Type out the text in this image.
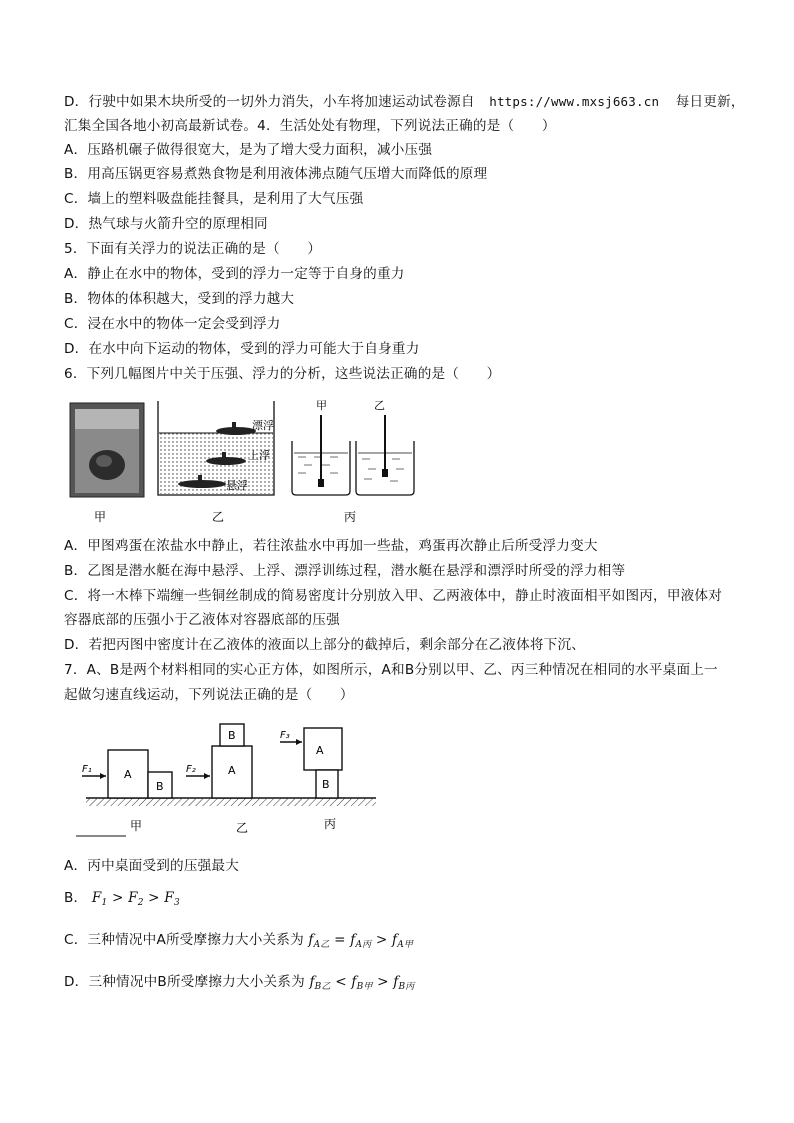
D．行驶中如果木块所受的一切外力消失，小车将加速运动试卷源自 https://www.mxsj663.cn 每日更新，
汇集全国各地小初高最新试卷。4．生活处处有物理，下列说法正确的是（　　）
A．压路机碾子做得很宽大，是为了增大受力面积，减小压强
B．用高压锅更容易煮熟食物是利用液体沸点随气压增大而降低的原理
C．墙上的塑料吸盘能挂餐具，是利用了大气压强
D．热气球与火箭升空的原理相同
5．下面有关浮力的说法正确的是（　　）
A．静止在水中的物体，受到的浮力一定等于自身的重力
B．物体的体积越大，受到的浮力越大
C．浸在水中的物体一定会受到浮力
D．在水中向下运动的物体，受到的浮力可能大于自身重力
6．下列几幅图片中关于压强、浮力的分析，这些说法正确的是（　　）
漂浮
上浮
悬浮
甲	乙
甲	乙	丙
A．甲图鸡蛋在浓盐水中静止，若往浓盐水中再加一些盐，鸡蛋再次静止后所受浮力变大
B．乙图是潜水艇在海中悬浮、上浮、漂浮训练过程，潜水艇在悬浮和漂浮时所受的浮力相等
C．将一木棒下端缠一些铜丝制成的简易密度计分别放入甲、乙两液体中，静止时液面相平如图丙，甲液体对
容器底部的压强小于乙液体对容器底部的压强
D．若把丙图中密度计在乙液体的液面以上部分的截掉后，剩余部分在乙液体将下沉、
7．A、B是两个材料相同的实心正方体，如图所示，A和B分别以甲、乙、丙三种情况在相同的水平桌面上一
起做匀速直线运动，下列说法正确的是（　　）
F₁	A
B
F₂	A
B	F₃
A
B
甲	乙	丙
A．丙中桌面受到的压强最大
B． $F_1 > F_2 > F_3$
C．三种情况中A所受摩擦力大小关系为 $f_{A乙} = f_{A丙} > f_{A甲}$
D．三种情况中B所受摩擦力大小关系为 $f_{B乙} < f_{B甲} > f_{B丙}$
